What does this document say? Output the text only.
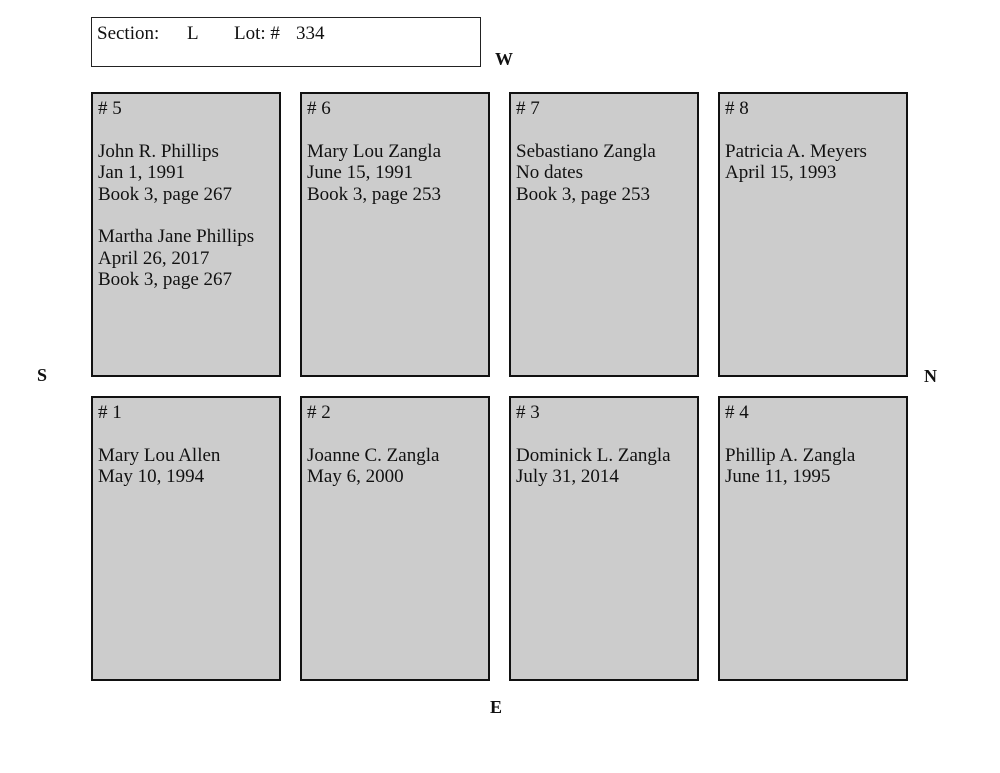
Section: L Lot: # 334
W
E
S	N
# 5
John R. Phillips
Jan 1, 1991
Book 3, page 267
Martha Jane Phillips
April 26, 2017
Book 3, page 267
# 6
Mary Lou Zangla
June 15, 1991
Book 3, page 253
# 7
Sebastiano Zangla
No dates
Book 3, page 253
# 8
Patricia A. Meyers
April 15, 1993
# 1
Mary Lou Allen
May 10, 1994
# 2
Joanne C. Zangla
May 6, 2000
# 3
Dominick L. Zangla
July 31, 2014
# 4
Phillip A. Zangla
June 11, 1995
